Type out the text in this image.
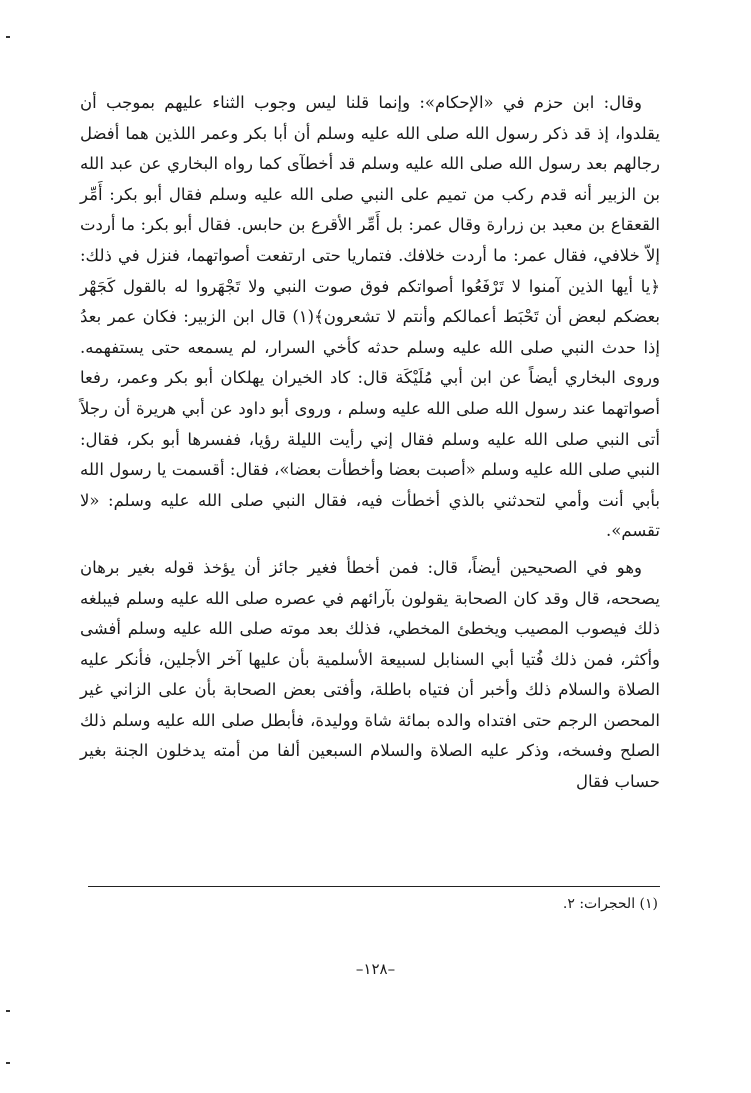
وقال: ابن حزم في «الإحكام»: وإنما قلنا ليس وجوب الثناء عليهم بموجب أن يقلدوا، إذ قد ذكر رسول الله صلى الله عليه وسلم أن أبا بكر وعمر اللذين هما أفضل رجالهم بعد رسول الله صلى الله عليه وسلم قد أخطآى كما رواه البخاري عن عبد الله بن الزبير أنه قدم ركب من تميم على النبي صلى الله عليه وسلم فقال أبو بكر: أَمِّر القعقاع بن معبد بن زرارة وقال عمر: بل أَمِّر الأقرع بن حابس. فقال أبو بكر: ما أردت إلاّ خلافي، فقال عمر: ما أردت خلافك. فتماريا حتى ارتفعت أصواتهما، فنزل في ذلك: ﴿يا أيها الذين آمنوا لا تَرْفَعُوا أصواتكم فوق صوت النبي ولا تَجْهَروا له بالقول كَجَهْر بعضكم لبعض أن تَحْبَط أعمالكم وأنتم لا تشعرون﴾(١) قال ابن الزبير: فكان عمر بعدُ إذا حدث النبي صلى الله عليه وسلم حدثه كأخي السرار، لم يسمعه حتى يستفهمه. وروى البخاري أيضاً عن ابن أبي مُلَيْكَة قال: كاد الخيران يهلكان أبو بكر وعمر، رفعا أصواتهما عند رسول الله صلى الله عليه وسلم ، وروى أبو داود عن أبي هريرة أن رجلاً أتى النبي صلى الله عليه وسلم فقال إني رأيت الليلة رؤيا، ففسرها أبو بكر، فقال: النبي صلى الله عليه وسلم «أصبت بعضا وأخطأت بعضا»، فقال: أقسمت يا رسول الله بأبي أنت وأمي لتحدثني بالذي أخطأت فيه، فقال النبي صلى الله عليه وسلم: «لا تقسم».

وهو في الصحيحين أيضاً، قال: فمن أخطأ فغير جائز أن يؤخذ قوله بغير برهان يصححه، قال وقد كان الصحابة يقولون بآرائهم في عصره صلى الله عليه وسلم فيبلغه ذلك فيصوب المصيب ويخطئ المخطي، فذلك بعد موته صلى الله عليه وسلم أفشى وأكثر، فمن ذلك فُتيا أبي السنابل لسبيعة الأسلمية بأن عليها آخر الأجلين، فأنكر عليه الصلاة والسلام ذلك وأخبر أن فتياه باطلة، وأفتى بعض الصحابة بأن على الزاني غير المحصن الرجم حتى افتداه والده بمائة شاة ووليدة، فأبطل صلى الله عليه وسلم ذلك الصلح وفسخه، وذكر عليه الصلاة والسلام السبعين ألفا من أمته يدخلون الجنة بغير حساب فقال

(١) الحجرات: ٢.
–١٢٨–
